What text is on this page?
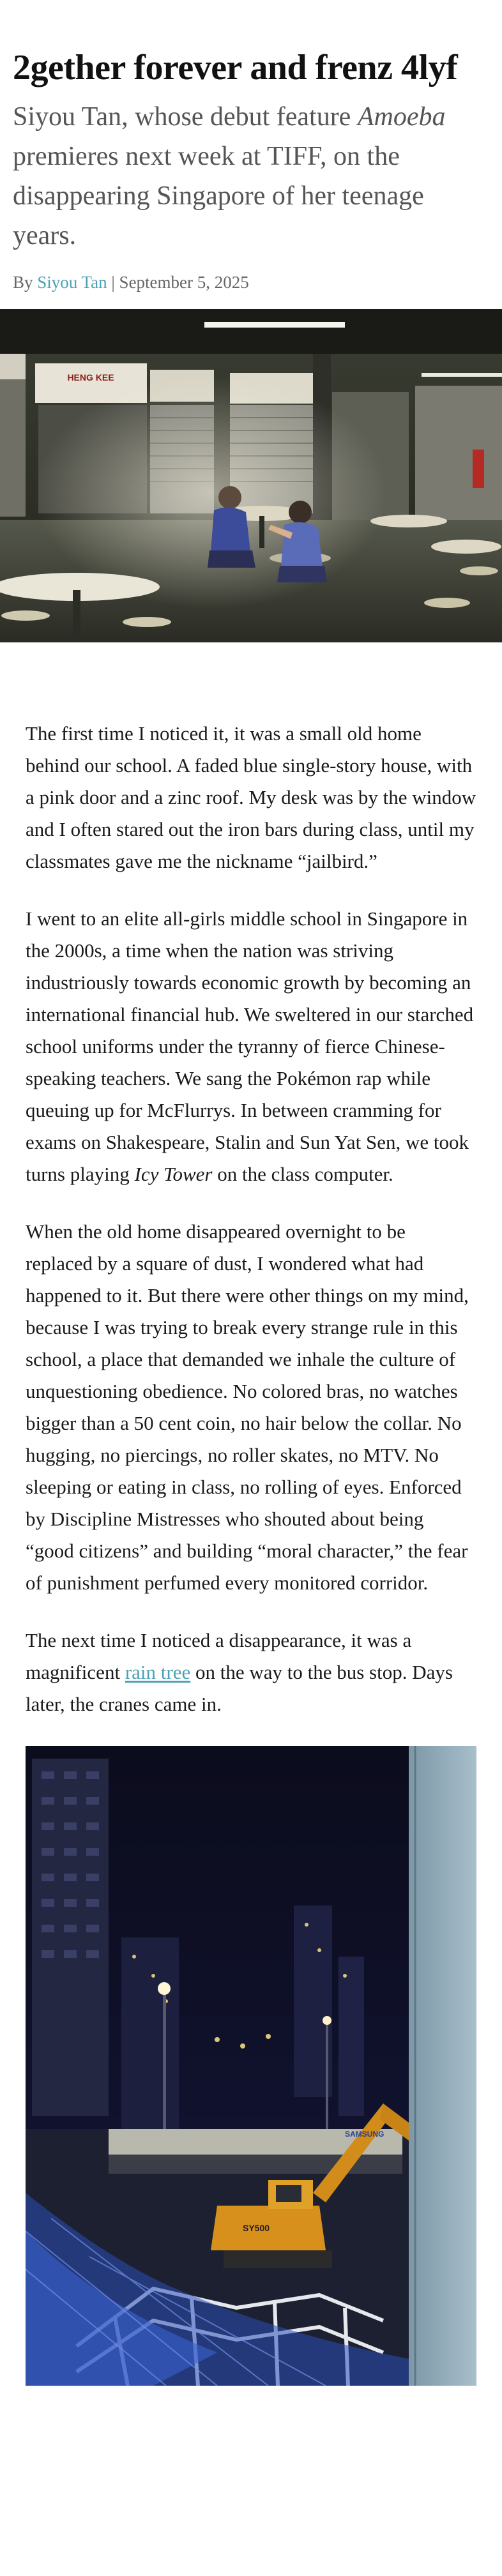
2gether forever and frenz 4lyf

Siyou Tan, whose debut feature Amoeba premieres next week at TIFF, on the disappearing Singapore of her teenage years.

By Siyou Tan | September 5, 2025

The first time I noticed it, it was a small old home behind our school. A faded blue single-story house, with a pink door and a zinc roof. My desk was by the window and I often stared out the iron bars during class, until my classmates gave me the nickname “jailbird.”

I went to an elite all-girls middle school in Singapore in the 2000s, a time when the nation was striving industriously towards economic growth by becoming an international financial hub. We sweltered in our starched school uniforms under the tyranny of fierce Chinese-speaking teachers. We sang the Pokémon rap while queuing up for McFlurrys. In between cramming for exams on Shakespeare, Stalin and Sun Yat Sen, we took turns playing Icy Tower on the class computer.

When the old home disappeared overnight to be replaced by a square of dust, I wondered what had happened to it. But there were other things on my mind, because I was trying to break every strange rule in this school, a place that demanded we inhale the culture of unquestioning obedience. No colored bras, no watches bigger than a 50 cent coin, no hair below the collar. No hugging, no piercings, no roller skates, no MTV. No sleeping or eating in class, no rolling of eyes. Enforced by Discipline Mistresses who shouted about being “good citizens” and building “moral character,” the fear of punishment perfumed every monitored corridor.

The next time I noticed a disappearance, it was a magnificent rain tree on the way to the bus stop. Days later, the cranes came in.

SY500
SAMSUNG
